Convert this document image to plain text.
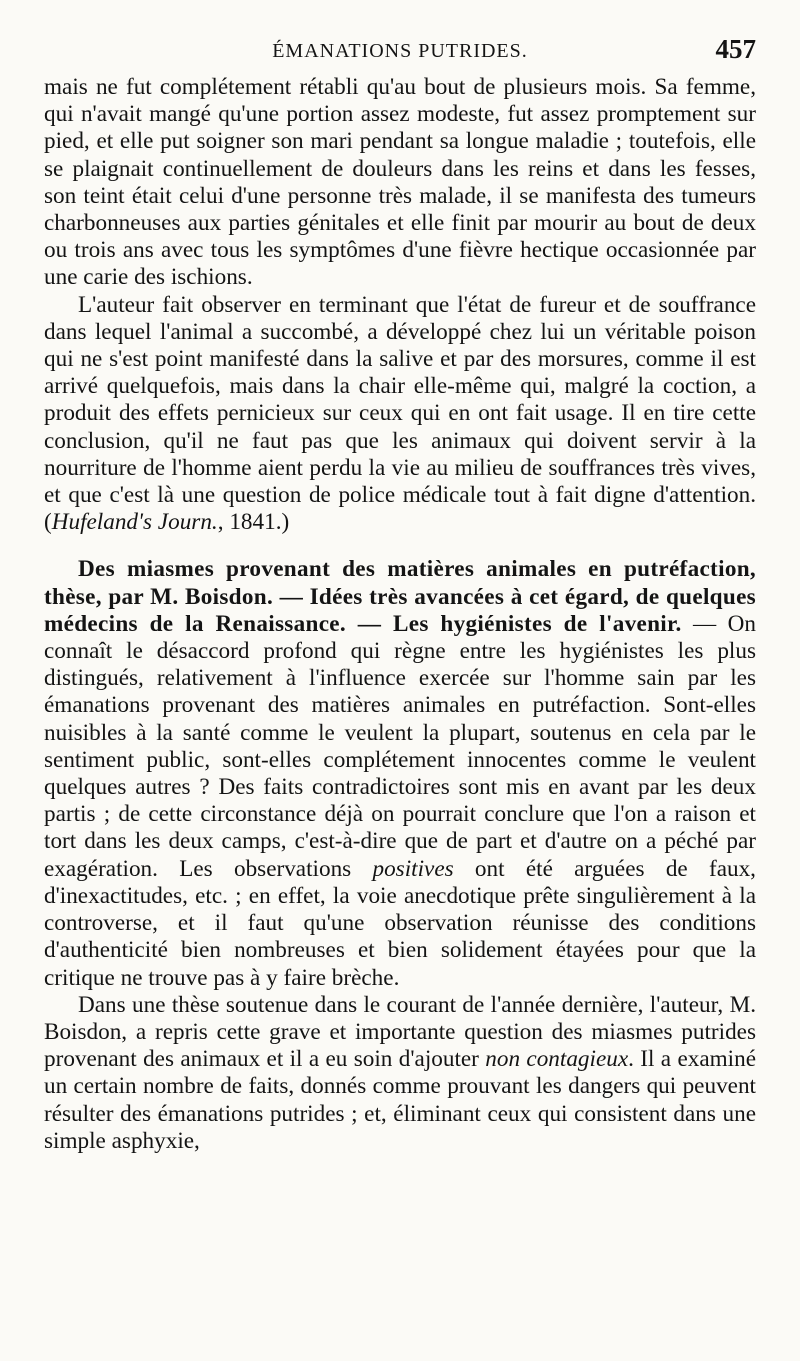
ÉMANATIONS PUTRIDES.	457

mais ne fut complétement rétabli qu'au bout de plusieurs mois. Sa femme, qui n'avait mangé qu'une portion assez modeste, fut assez promptement sur pied, et elle put soigner son mari pendant sa longue maladie ; toutefois, elle se plaignait continuellement de douleurs dans les reins et dans les fesses, son teint était celui d'une personne très malade, il se manifesta des tumeurs charbonneuses aux parties génitales et elle finit par mourir au bout de deux ou trois ans avec tous les symptômes d'une fièvre hectique occasionnée par une carie des ischions.

L'auteur fait observer en terminant que l'état de fureur et de souffrance dans lequel l'animal a succombé, a développé chez lui un véritable poison qui ne s'est point manifesté dans la salive et par des morsures, comme il est arrivé quelquefois, mais dans la chair elle-même qui, malgré la coction, a produit des effets pernicieux sur ceux qui en ont fait usage. Il en tire cette conclusion, qu'il ne faut pas que les animaux qui doivent servir à la nourriture de l'homme aient perdu la vie au milieu de souffrances très vives, et que c'est là une question de police médicale tout à fait digne d'attention. (Hufeland's Journ., 1841.)

Des miasmes provenant des matières animales en putréfaction, thèse, par M. Boisdon. — Idées très avancées à cet égard, de quelques médecins de la Renaissance. — Les hygiénistes de l'avenir. — On connaît le désaccord profond qui règne entre les hygiénistes les plus distingués, relativement à l'influence exercée sur l'homme sain par les émanations provenant des matières animales en putréfaction. Sont-elles nuisibles à la santé comme le veulent la plupart, soutenus en cela par le sentiment public, sont-elles complétement innocentes comme le veulent quelques autres ? Des faits contradictoires sont mis en avant par les deux partis ; de cette circonstance déjà on pourrait conclure que l'on a raison et tort dans les deux camps, c'est-à-dire que de part et d'autre on a péché par exagération. Les observations positives ont été arguées de faux, d'inexactitudes, etc. ; en effet, la voie anecdotique prête singulièrement à la controverse, et il faut qu'une observation réunisse des conditions d'authenticité bien nombreuses et bien solidement étayées pour que la critique ne trouve pas à y faire brèche.

Dans une thèse soutenue dans le courant de l'année dernière, l'auteur, M. Boisdon, a repris cette grave et importante question des miasmes putrides provenant des animaux et il a eu soin d'ajouter non contagieux. Il a examiné un certain nombre de faits, donnés comme prouvant les dangers qui peuvent résulter des émanations putrides ; et, éliminant ceux qui consistent dans une simple asphyxie,
